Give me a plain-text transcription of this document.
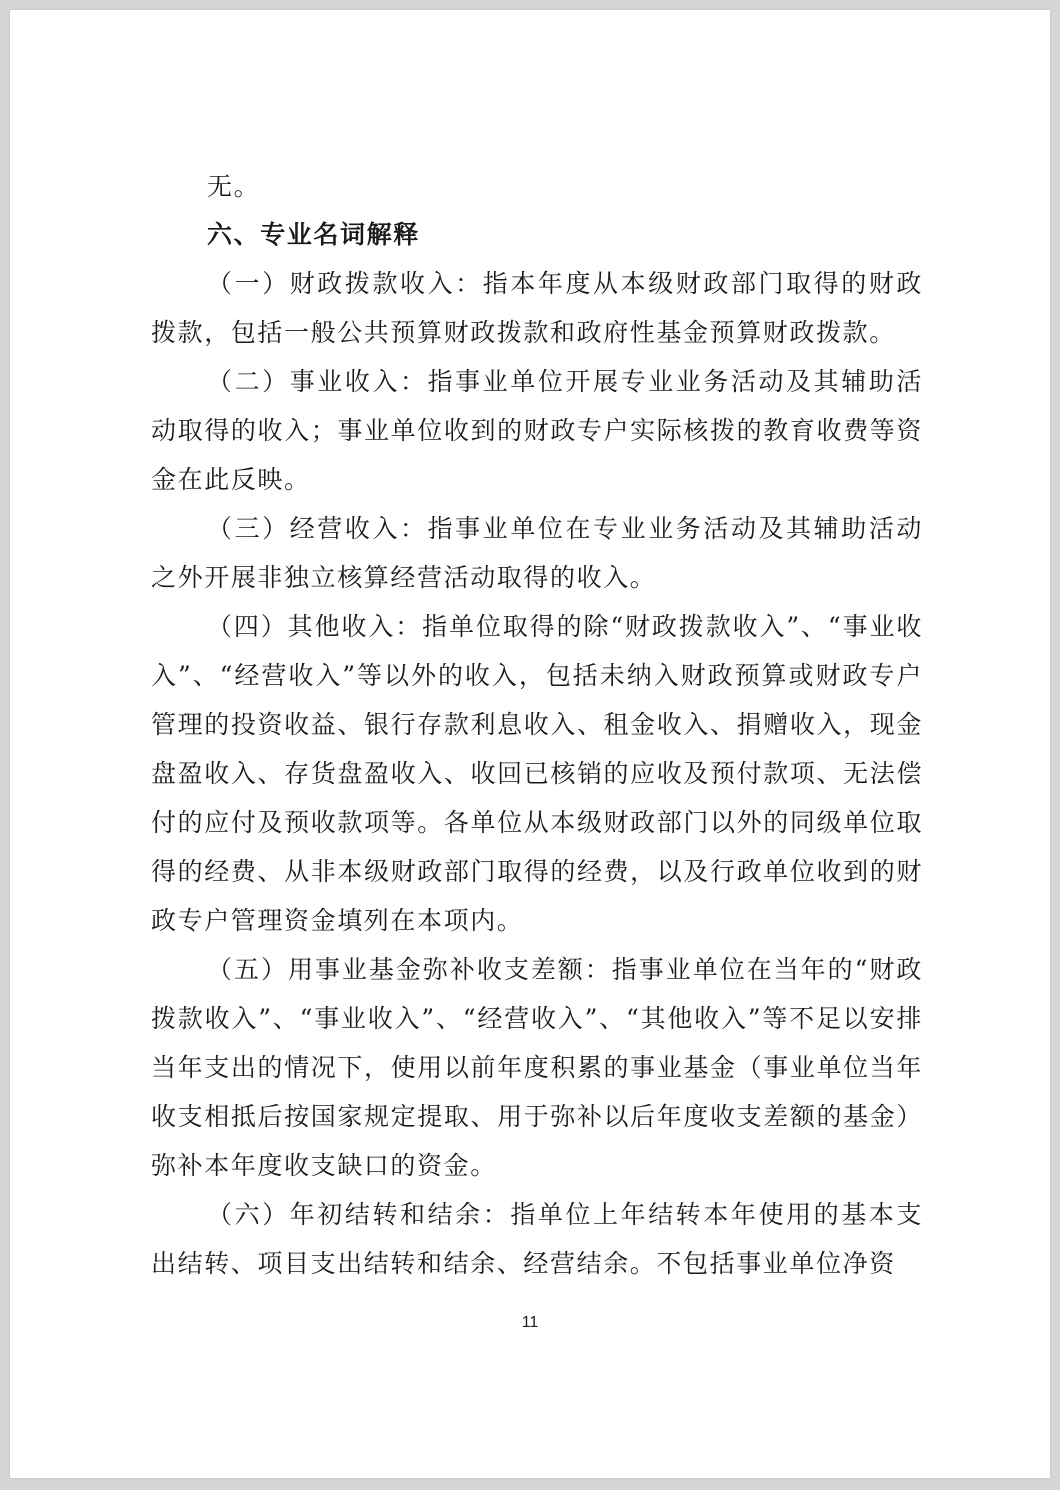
无。

六、专业名词解释

（一）财政拨款收入：指本年度从本级财政部门取得的财政拨款，包括一般公共预算财政拨款和政府性基金预算财政拨款。

（二）事业收入：指事业单位开展专业业务活动及其辅助活动取得的收入；事业单位收到的财政专户实际核拨的教育收费等资金在此反映。

（三）经营收入：指事业单位在专业业务活动及其辅助活动之外开展非独立核算经营活动取得的收入。

（四）其他收入：指单位取得的除“财政拨款收入”、“事业收入”、“经营收入”等以外的收入，包括未纳入财政预算或财政专户管理的投资收益、银行存款利息收入、租金收入、捐赠收入，现金盘盈收入、存货盘盈收入、收回已核销的应收及预付款项、无法偿付的应付及预收款项等。各单位从本级财政部门以外的同级单位取得的经费、从非本级财政部门取得的经费，以及行政单位收到的财政专户管理资金填列在本项内。

（五）用事业基金弥补收支差额：指事业单位在当年的“财政拨款收入”、“事业收入”、“经营收入”、“其他收入”等不足以安排当年支出的情况下，使用以前年度积累的事业基金（事业单位当年收支相抵后按国家规定提取、用于弥补以后年度收支差额的基金）弥补本年度收支缺口的资金。

（六）年初结转和结余：指单位上年结转本年使用的基本支出结转、项目支出结转和结余、经营结余。不包括事业单位净资

11
